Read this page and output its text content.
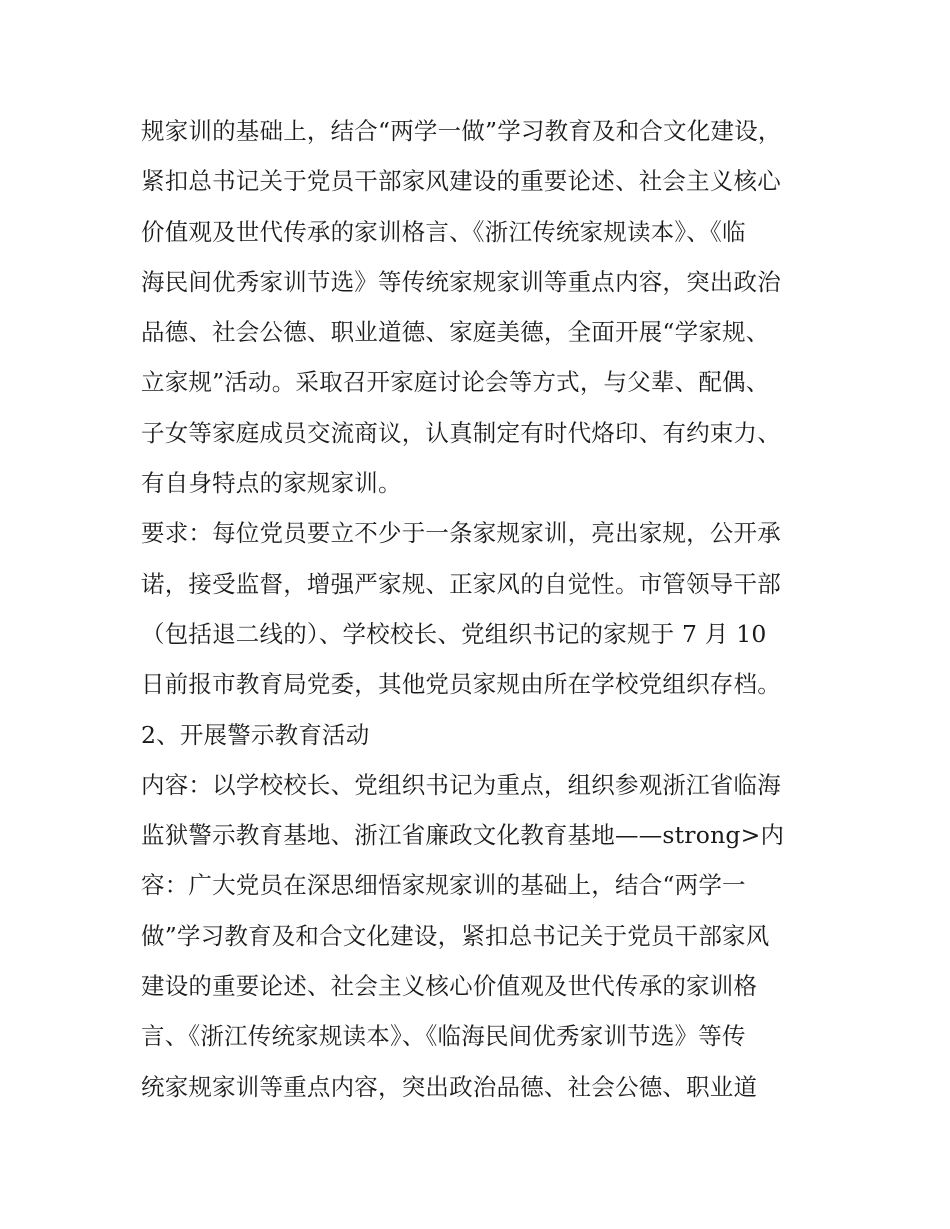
规家训的基础上，结合“两学一做”学习教育及和合文化建设，
紧扣总书记关于党员干部家风建设的重要论述、社会主义核心
价值观及世代传承的家训格言、《浙江传统家规读本》、《临
海民间优秀家训节选》等传统家规家训等重点内容，突出政治
品德、社会公德、职业道德、家庭美德，全面开展“学家规、
立家规”活动。采取召开家庭讨论会等方式，与父辈、配偶、
子女等家庭成员交流商议，认真制定有时代烙印、有约束力、
有自身特点的家规家训。
要求：每位党员要立不少于一条家规家训，亮出家规，公开承
诺，接受监督，增强严家规、正家风的自觉性。市管领导干部
（包括退二线的）、学校校长、党组织书记的家规于 7 月 10
日前报市教育局党委，其他党员家规由所在学校党组织存档。
2、开展警示教育活动
内容：以学校校长、党组织书记为重点，组织参观浙江省临海
监狱警示教育基地、浙江省廉政文化教育基地——strong>内
容：广大党员在深思细悟家规家训的基础上，结合“两学一
做”学习教育及和合文化建设，紧扣总书记关于党员干部家风
建设的重要论述、社会主义核心价值观及世代传承的家训格
言、《浙江传统家规读本》、《临海民间优秀家训节选》等传
统家规家训等重点内容，突出政治品德、社会公德、职业道
